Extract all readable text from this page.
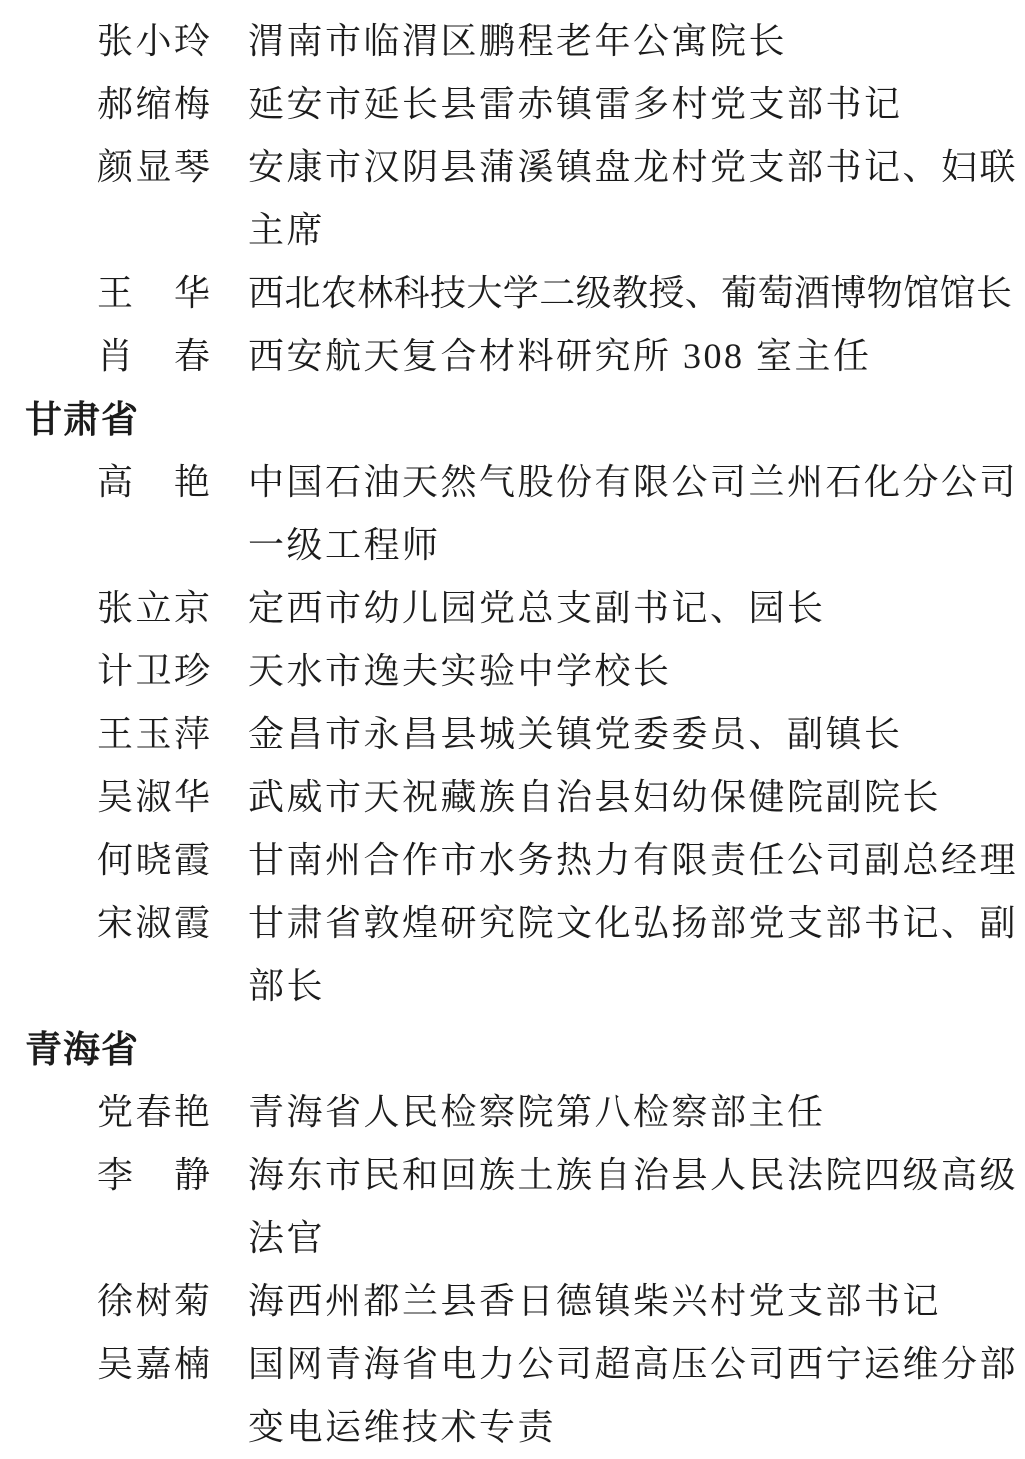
张小玲 渭南市临渭区鹏程老年公寓院长
郝缩梅 延安市延长县雷赤镇雷多村党支部书记
颜显琴 安康市汉阴县蒲溪镇盘龙村党支部书记、妇联
主席
王　华 西北农林科技大学二级教授、葡萄酒博物馆馆长
肖　春 西安航天复合材料研究所 308 室主任
甘肃省
高　艳 中国石油天然气股份有限公司兰州石化分公司
一级工程师
张立京 定西市幼儿园党总支副书记、园长
计卫珍 天水市逸夫实验中学校长
王玉萍 金昌市永昌县城关镇党委委员、副镇长
吴淑华 武威市天祝藏族自治县妇幼保健院副院长
何晓霞 甘南州合作市水务热力有限责任公司副总经理
宋淑霞 甘肃省敦煌研究院文化弘扬部党支部书记、副
部长
青海省
党春艳 青海省人民检察院第八检察部主任
李　静 海东市民和回族土族自治县人民法院四级高级
法官
徐树菊 海西州都兰县香日德镇柴兴村党支部书记
吴嘉楠 国网青海省电力公司超高压公司西宁运维分部
变电运维技术专责
